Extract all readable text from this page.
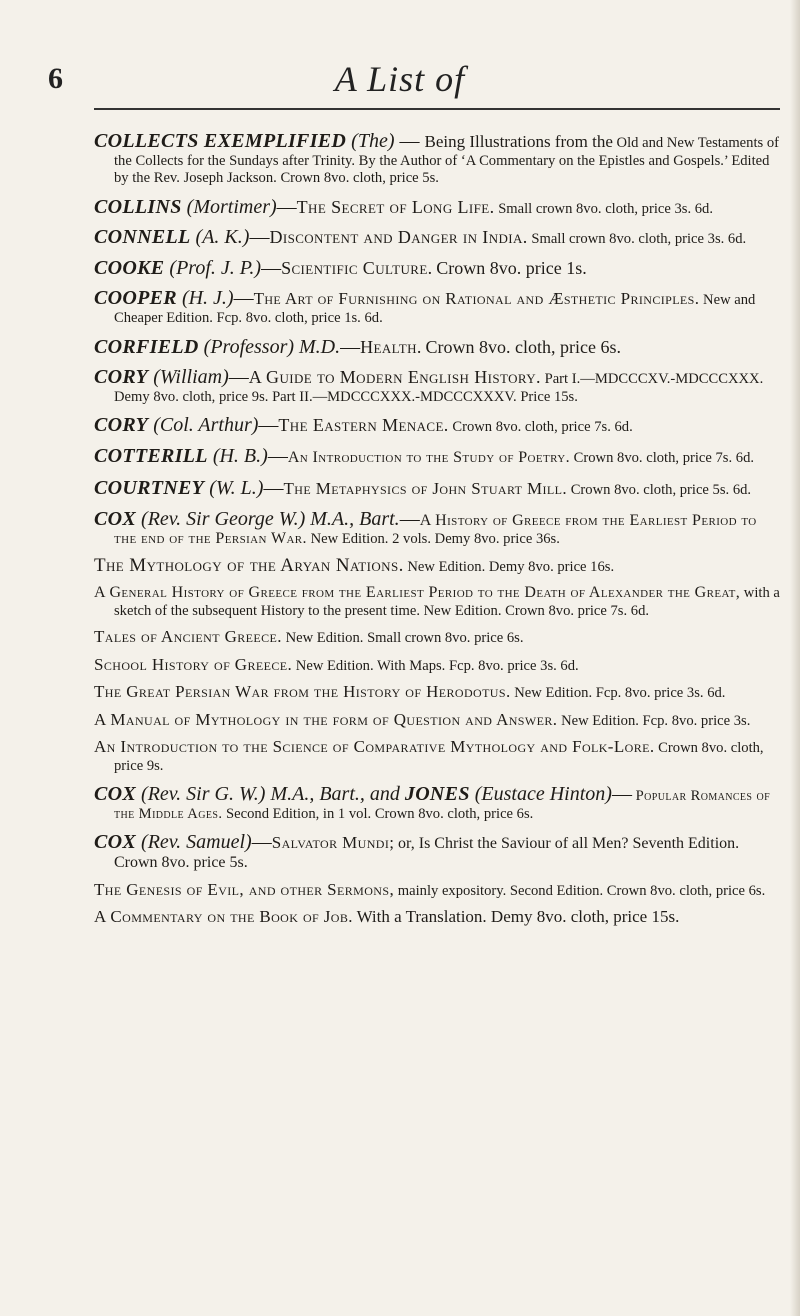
6	A List of
COLLECTS EXEMPLIFIED (The) — Being Illustrations from the Old and New Testaments of the Collects for the Sundays after Trinity. By the Author of ‘A Commentary on the Epistles and Gospels.’ Edited by the Rev. Joseph Jackson. Crown 8vo. cloth, price 5s.
COLLINS (Mortimer)—The Secret of Long Life. Small crown 8vo. cloth, price 3s. 6d.
CONNELL (A. K.)—Discontent and Danger in India. Small crown 8vo. cloth, price 3s. 6d.
COOKE (Prof. J. P.)—Scientific Culture. Crown 8vo. price 1s.
COOPER (H. J.)—The Art of Furnishing on Rational and Æsthetic Principles. New and Cheaper Edition. Fcp. 8vo. cloth, price 1s. 6d.
CORFIELD (Professor) M.D.—Health. Crown 8vo. cloth, price 6s.
CORY (William)—A Guide to Modern English History. Part I.—MDCCCXV.-MDCCCXXX. Demy 8vo. cloth, price 9s. Part II.—MDCCCXXX.-MDCCCXXXV. Price 15s.
CORY (Col. Arthur)—The Eastern Menace. Crown 8vo. cloth, price 7s. 6d.
COTTERILL (H. B.)—An Introduction to the Study of Poetry. Crown 8vo. cloth, price 7s. 6d.
COURTNEY (W. L.)—The Metaphysics of John Stuart Mill. Crown 8vo. cloth, price 5s. 6d.
COX (Rev. Sir George W.) M.A., Bart.—A History of Greece from the Earliest Period to the end of the Persian War. New Edition. 2 vols. Demy 8vo. price 36s.
The Mythology of the Aryan Nations. New Edition. Demy 8vo. price 16s.
A General History of Greece from the Earliest Period to the Death of Alexander the Great, with a sketch of the subsequent History to the present time. New Edition. Crown 8vo. price 7s. 6d.
Tales of Ancient Greece. New Edition. Small crown 8vo. price 6s.
School History of Greece. New Edition. With Maps. Fcp. 8vo. price 3s. 6d.
The Great Persian War from the History of Herodotus. New Edition. Fcp. 8vo. price 3s. 6d.
A Manual of Mythology in the form of Question and Answer. New Edition. Fcp. 8vo. price 3s.
An Introduction to the Science of Comparative Mythology and Folk-Lore. Crown 8vo. cloth, price 9s.
COX (Rev. Sir G. W.) M.A., Bart., and JONES (Eustace Hinton)— Popular Romances of the Middle Ages. Second Edition, in 1 vol. Crown 8vo. cloth, price 6s.
COX (Rev. Samuel)—Salvator Mundi; or, Is Christ the Saviour of all Men? Seventh Edition. Crown 8vo. price 5s.
The Genesis of Evil, and other Sermons, mainly expository. Second Edition. Crown 8vo. cloth, price 6s.
A Commentary on the Book of Job. With a Translation. Demy 8vo. cloth, price 15s.
